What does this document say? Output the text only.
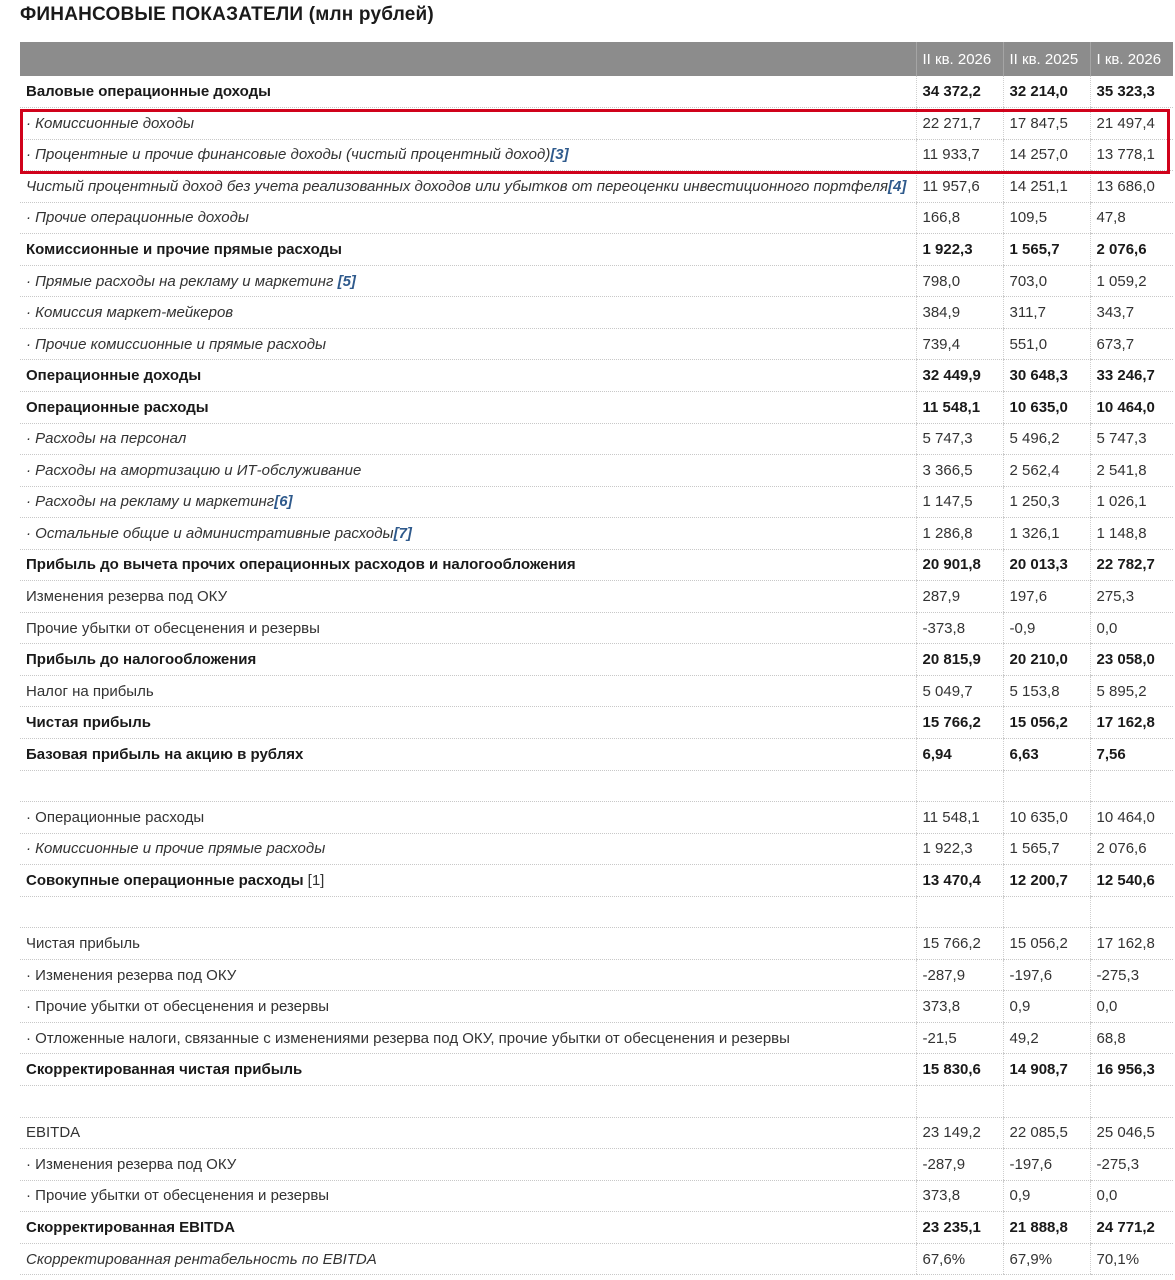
ФИНАНСОВЫЕ ПОКАЗАТЕЛИ (млн рублей)
	II кв. 2026	II кв. 2025	I кв. 2026
Валовые операционные доходы	34 372,2	32 214,0	35 323,3
· Комиссионные доходы	22 271,7	17 847,5	21 497,4
· Процентные и прочие финансовые доходы (чистый процентный доход)[3]	11 933,7	14 257,0	13 778,1
Чистый процентный доход без учета реализованных доходов или убытков от переоценки инвестиционного портфеля[4]	11 957,6	14 251,1	13 686,0
· Прочие операционные доходы	166,8	109,5	47,8
Комиссионные и прочие прямые расходы	1 922,3	1 565,7	2 076,6
· Прямые расходы на рекламу и маркетинг [5]	798,0	703,0	1 059,2
· Комиссия маркет-мейкеров	384,9	311,7	343,7
· Прочие комиссионные и прямые расходы	739,4	551,0	673,7
Операционные доходы	32 449,9	30 648,3	33 246,7
Операционные расходы	11 548,1	10 635,0	10 464,0
· Расходы на персонал	5 747,3	5 496,2	5 747,3
· Расходы на амортизацию и ИТ-обслуживание	3 366,5	2 562,4	2 541,8
· Расходы на рекламу и маркетинг[6]	1 147,5	1 250,3	1 026,1
· Остальные общие и административные расходы[7]	1 286,8	1 326,1	1 148,8
Прибыль до вычета прочих операционных расходов и налогообложения	20 901,8	20 013,3	22 782,7
Изменения резерва под ОКУ	287,9	197,6	275,3
Прочие убытки от обесценения и резервы	-373,8	-0,9	0,0
Прибыль до налогообложения	20 815,9	20 210,0	23 058,0
Налог на прибыль	5 049,7	5 153,8	5 895,2
Чистая прибыль	15 766,2	15 056,2	17 162,8
Базовая прибыль на акцию в рублях	6,94	6,63	7,56

· Операционные расходы	11 548,1	10 635,0	10 464,0
· Комиссионные и прочие прямые расходы	1 922,3	1 565,7	2 076,6
Совокупные операционные расходы [1]	13 470,4	12 200,7	12 540,6

Чистая прибыль	15 766,2	15 056,2	17 162,8
· Изменения резерва под ОКУ	-287,9	-197,6	-275,3
· Прочие убытки от обесценения и резервы	373,8	0,9	0,0
· Отложенные налоги, связанные с изменениями резерва под ОКУ, прочие убытки от обесценения и резервы	-21,5	49,2	68,8
Скорректированная чистая прибыль	15 830,6	14 908,7	16 956,3

EBITDA	23 149,2	22 085,5	25 046,5
· Изменения резерва под ОКУ	-287,9	-197,6	-275,3
· Прочие убытки от обесценения и резервы	373,8	0,9	0,0
Скорректированная EBITDA	23 235,1	21 888,8	24 771,2
Скорректированная рентабельность по EBITDA	67,6%	67,9%	70,1%
